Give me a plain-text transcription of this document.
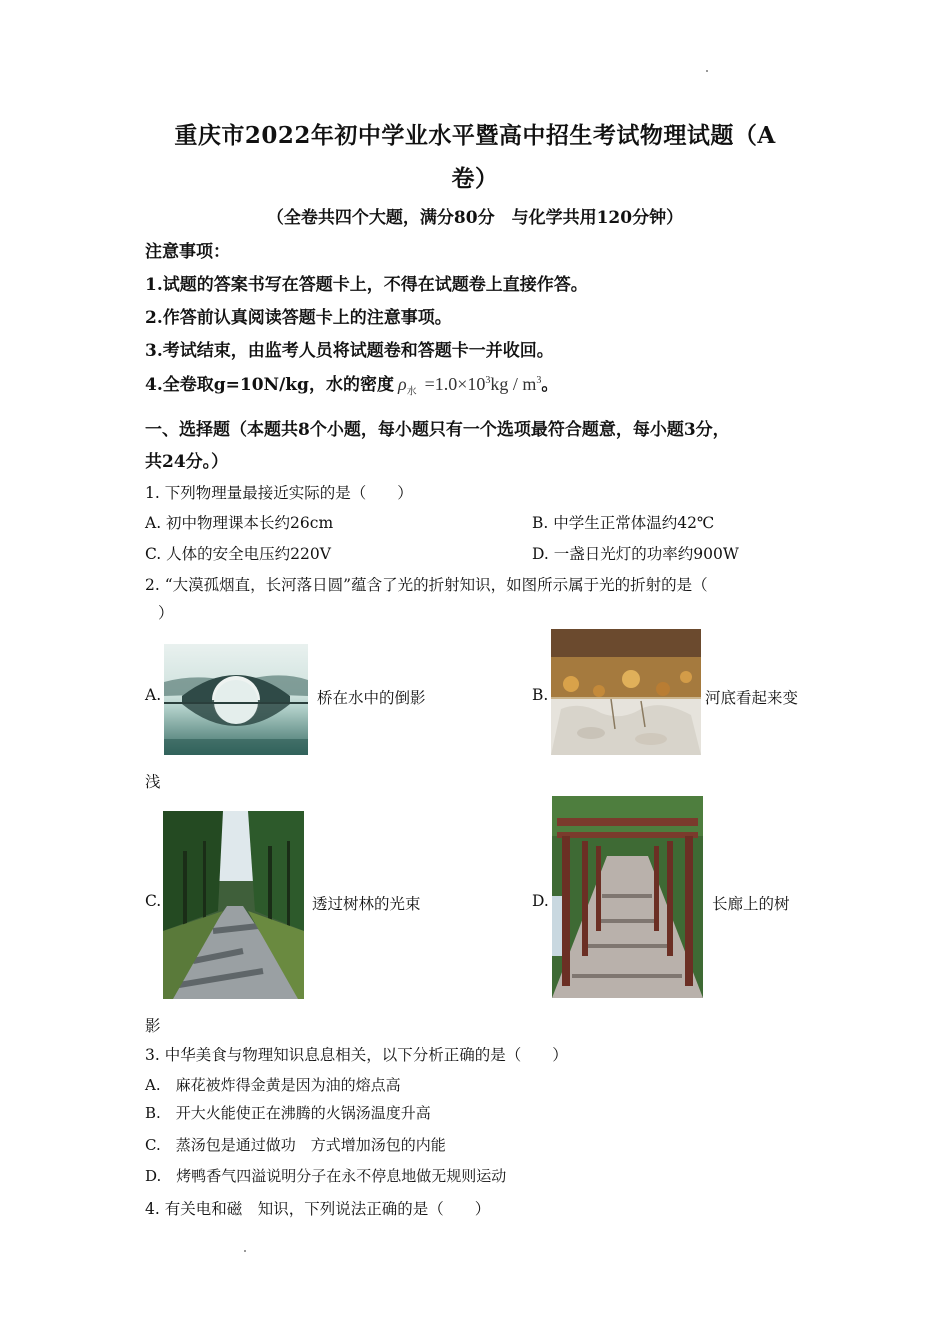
重庆市2022年初中学业水平暨高中招生考试物理试题（A
卷）
（全卷共四个大题，满分80分　与化学共用120分钟）
注意事项：
1.试题的答案书写在答题卡上，不得在试题卷上直接作答。
2.作答前认真阅读答题卡上的注意事项。
3.考试结束，由监考人员将试题卷和答题卡一并收回。
4.全卷取g=10N/kg，水的密度 $\rho_水 =1.0\times 10^3kg / m^3$。
一、选择题（本题共8个小题，每小题只有一个选项最符合题意，每小题3分，
共24分。）
1. 下列物理量最接近实际的是（　　）
A. 初中物理课本长约26cm	B. 中学生正常体温约42℃
C. 人体的安全电压约220V	D. 一盏日光灯的功率约900W
2. “大漠孤烟直，长河落日圆”蕴含了光的折射知识，如图所示属于光的折射的是（
）
A.	桥在水中的倒影	B.	河底看起来变
浅
C.	透过树林的光束	D.	长廊上的树
影
3. 中华美食与物理知识息息相关，以下分析正确的是（　　）
A.　麻花被炸得金黄是因为油的熔点高
B.　开大火能使正在沸腾的火锅汤温度升高
C.　蒸汤包是通过做功　方式增加汤包的内能
D.　烤鸭香气四溢说明分子在永不停息地做无规则运动
4. 有关电和磁　知识，下列说法正确的是（　　）
